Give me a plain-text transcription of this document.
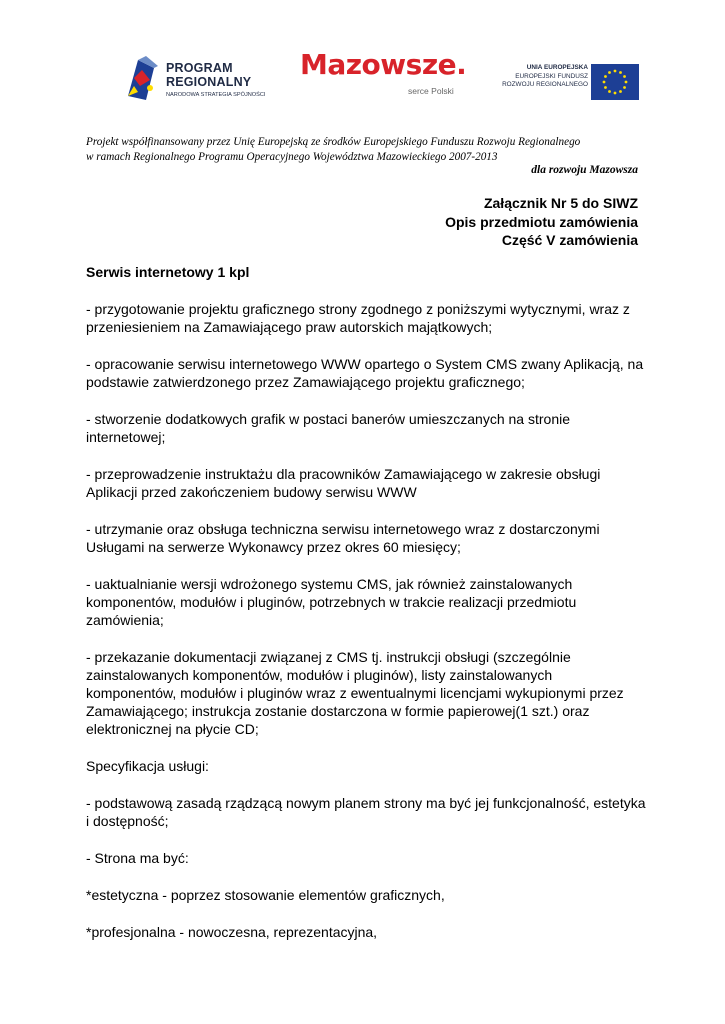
PROGRAM
REGIONALNY
NARODOWA STRATEGIA SPÓJNOŚCI
Mazowsze.
serce Polski
UNIA EUROPEJSKA
EUROPEJSKI FUNDUSZ
ROZWOJU REGIONALNEGO
Projekt współfinansowany przez Unię Europejską ze środków Europejskiego Funduszu Rozwoju Regionalnego
w ramach Regionalnego Programu Operacyjnego Województwa Mazowieckiego 2007-2013
dla rozwoju Mazowsza
Załącznik Nr 5 do SIWZ
Opis przedmiotu zamówienia
Część V zamówienia

Serwis internetowy 1 kpl

- przygotowanie projektu graficznego strony zgodnego z poniższymi wytycznymi, wraz z przeniesieniem na Zamawiającego praw autorskich majątkowych;

- opracowanie serwisu internetowego WWW opartego o System CMS zwany Aplikacją, na podstawie zatwierdzonego przez Zamawiającego projektu graficznego;

- stworzenie dodatkowych grafik w postaci banerów umieszczanych na stronie internetowej;

- przeprowadzenie instruktażu dla pracowników Zamawiającego w zakresie obsługi Aplikacji przed zakończeniem budowy serwisu WWW

- utrzymanie oraz obsługa techniczna serwisu internetowego wraz z dostarczonymi Usługami na serwerze Wykonawcy przez okres 60 miesięcy;

- uaktualnianie wersji wdrożonego systemu CMS, jak również zainstalowanych komponentów, modułów i pluginów, potrzebnych w trakcie realizacji przedmiotu zamówienia;

- przekazanie dokumentacji związanej z CMS tj. instrukcji obsługi (szczególnie zainstalowanych komponentów, modułów i pluginów), listy zainstalowanych komponentów, modułów i pluginów wraz z ewentualnymi licencjami wykupionymi przez Zamawiającego; instrukcja zostanie dostarczona w formie papierowej(1 szt.) oraz elektronicznej na płycie CD;

Specyfikacja usługi:

- podstawową zasadą rządzącą nowym planem strony ma być jej funkcjonalność, estetyka i dostępność;

- Strona ma być:

*estetyczna - poprzez stosowanie elementów graficznych,

*profesjonalna - nowoczesna, reprezentacyjna,
